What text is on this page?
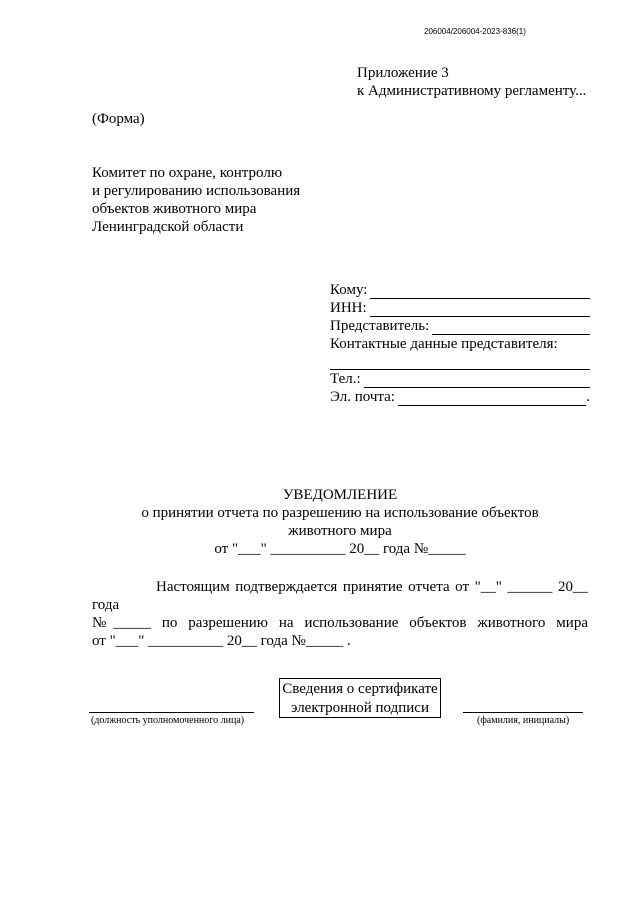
206004/206004-2023-836(1)
Приложение 3
к Административному регламенту...
(Форма)
Комитет по охране, контролю
и регулированию использования
объектов животного мира
Ленинградской области
Кому:
ИНН:
Представитель:
Контактные данные представителя:
Тел.:
Эл. почта:	.
УВЕДОМЛЕНИЕ
о принятии отчета по разрешению на использование объектов
животного мира
от "___" __________ 20__ года №_____

Настоящим подтверждается принятие отчета от "__" ______ 20__ года

№_____ по разрешению на использование объектов животного мира

от "___" __________ 20__ года №_____ .

(должность уполномоченного лица)
Сведения о сертификате
электронной подписи
(фамилия, инициалы)
